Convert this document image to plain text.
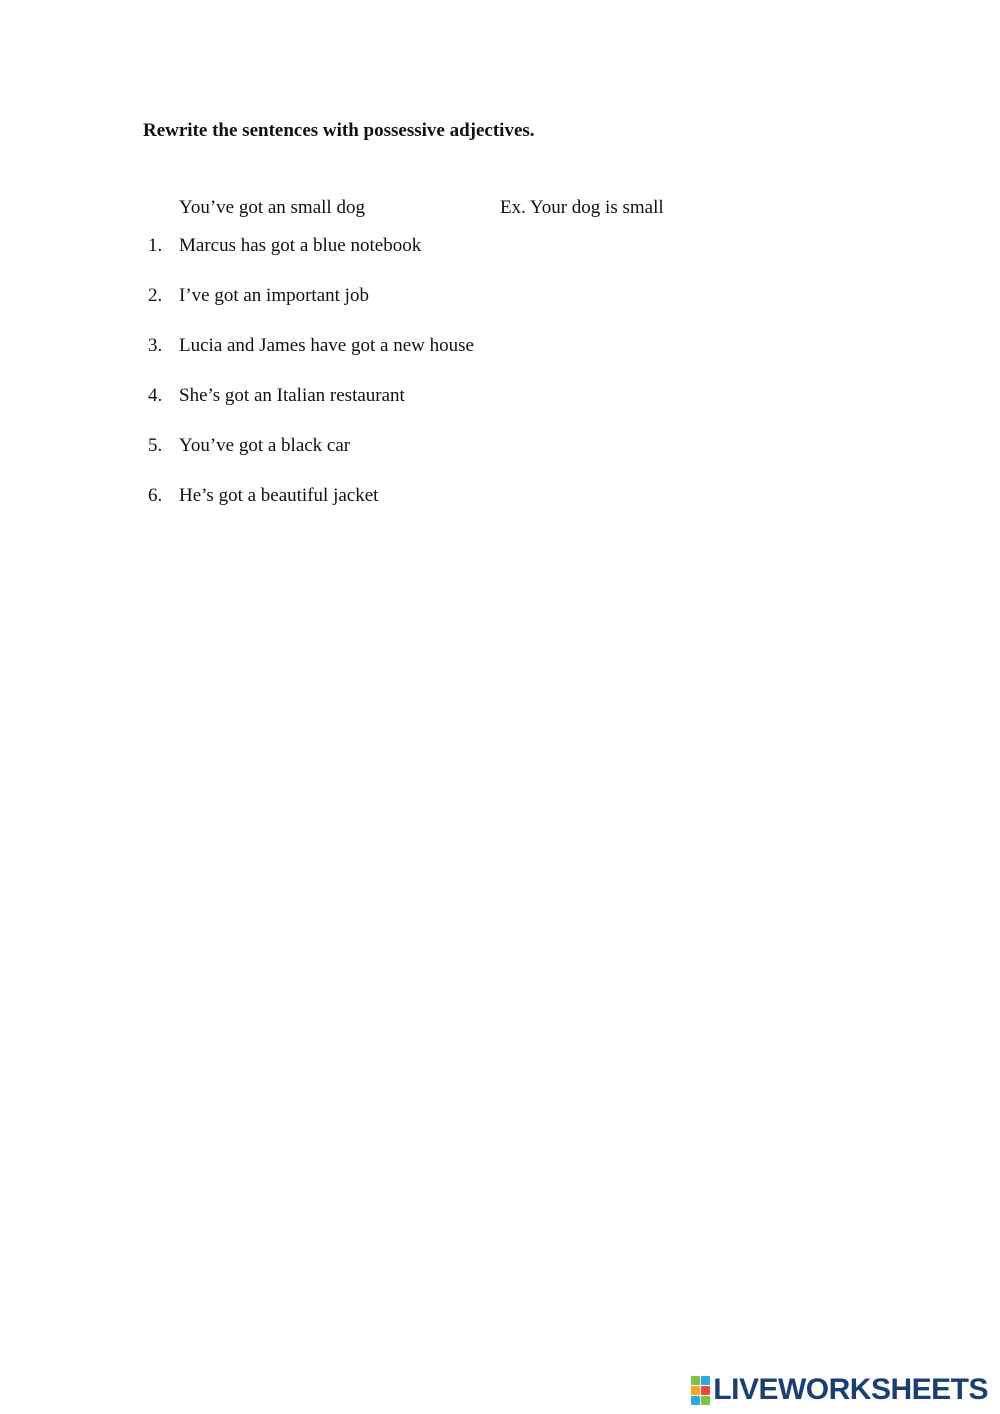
Rewrite the sentences with possessive adjectives.
You’ve got an small dog	Ex. Your dog is small
1. Marcus has got a blue notebook
2. I’ve got an important job
3. Lucia and James have got a new house
4. She’s got an Italian restaurant
5. You’ve got a black car
6. He’s got a beautiful jacket
LIVEWORKSHEETS
